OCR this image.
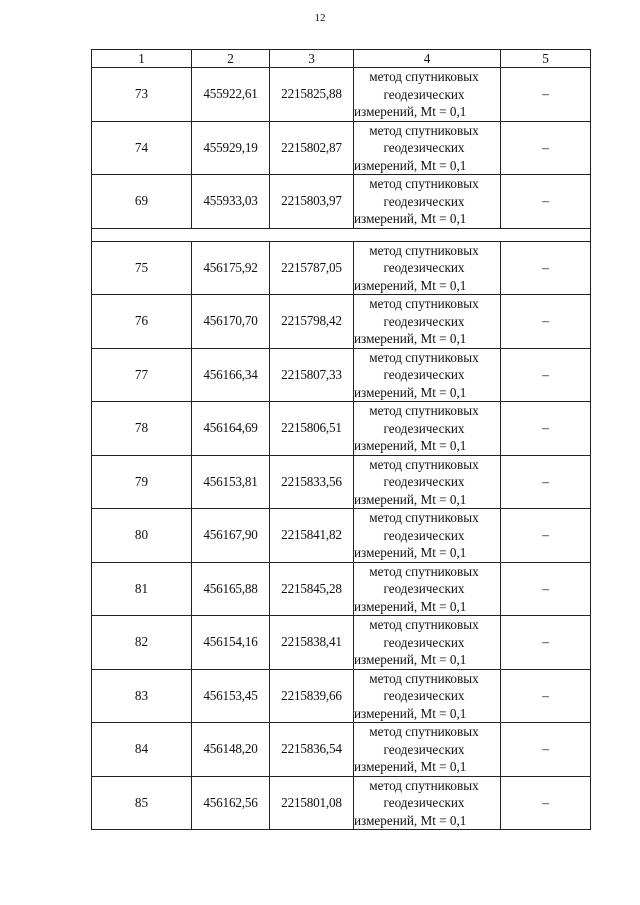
12
1	2	3	4	5
73	455922,61	2215825,88	метод спутниковых
геодезических
измерений, Mt = 0,1	–
74	455929,19	2215802,87	метод спутниковых
геодезических
измерений, Mt = 0,1	–
69	455933,03	2215803,97	метод спутниковых
геодезических
измерений, Mt = 0,1	–

75	456175,92	2215787,05	метод спутниковых
геодезических
измерений, Mt = 0,1	–
76	456170,70	2215798,42	метод спутниковых
геодезических
измерений, Mt = 0,1	–
77	456166,34	2215807,33	метод спутниковых
геодезических
измерений, Mt = 0,1	–
78	456164,69	2215806,51	метод спутниковых
геодезических
измерений, Mt = 0,1	–
79	456153,81	2215833,56	метод спутниковых
геодезических
измерений, Mt = 0,1	–
80	456167,90	2215841,82	метод спутниковых
геодезических
измерений, Mt = 0,1	–
81	456165,88	2215845,28	метод спутниковых
геодезических
измерений, Mt = 0,1	–
82	456154,16	2215838,41	метод спутниковых
геодезических
измерений, Mt = 0,1	–
83	456153,45	2215839,66	метод спутниковых
геодезических
измерений, Mt = 0,1	–
84	456148,20	2215836,54	метод спутниковых
геодезических
измерений, Mt = 0,1	–
85	456162,56	2215801,08	метод спутниковых
геодезических
измерений, Mt = 0,1	–
